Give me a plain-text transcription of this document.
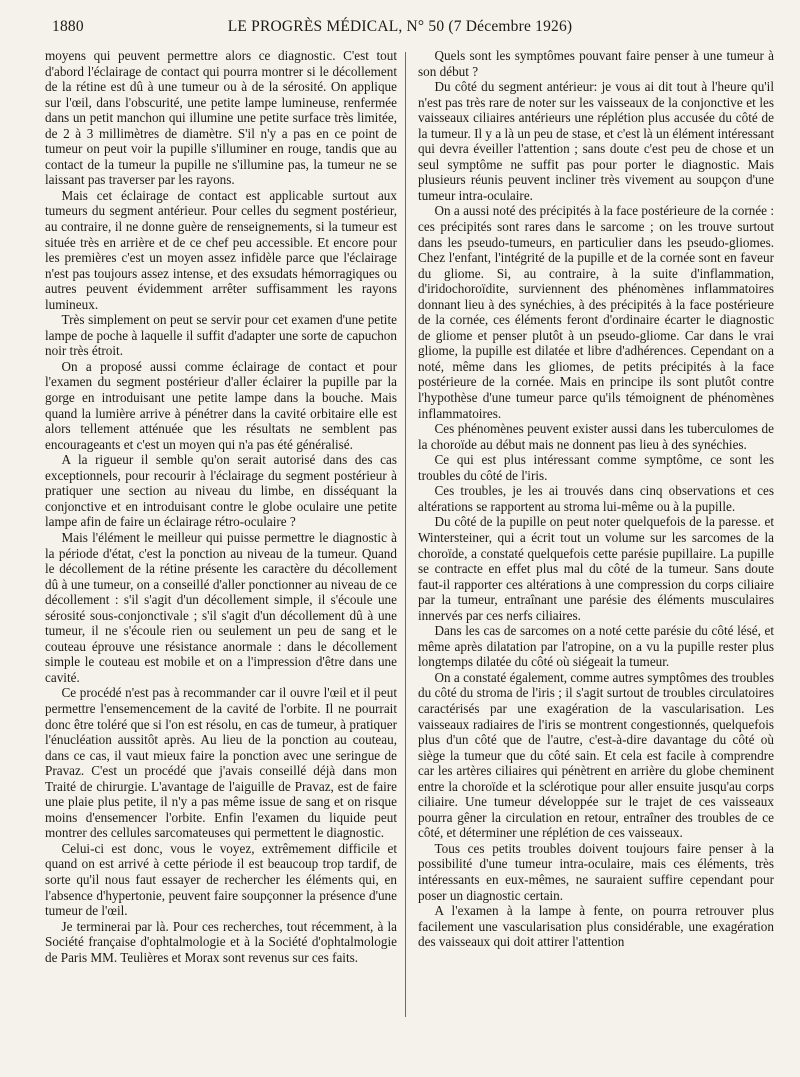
1880	LE PROGRÈS MÉDICAL, N° 50 (7 Décembre 1926)

moyens qui peuvent permettre alors ce diagnostic. C'est tout d'abord l'éclairage de contact qui pourra montrer si le décollement de la rétine est dû à une tumeur ou à de la sérosité. On applique sur l'œil, dans l'obscurité, une petite lampe lumineuse, renfermée dans un petit manchon qui illumine une petite surface très limitée, de 2 à 3 millimètres de diamètre. S'il n'y a pas en ce point de tumeur on peut voir la pupille s'illuminer en rouge, tandis que au contact de la tumeur la pupille ne s'illumine pas, la tumeur ne se laissant pas traverser par les rayons.

Mais cet éclairage de contact est applicable surtout aux tumeurs du segment antérieur. Pour celles du segment postérieur, au contraire, il ne donne guère de renseignements, si la tumeur est située très en arrière et de ce chef peu accessible. Et encore pour les premières c'est un moyen assez infidèle parce que l'éclairage n'est pas toujours assez intense, et des exsudats hémorragiques ou autres peuvent évidemment arrêter suffisamment les rayons lumineux.

Très simplement on peut se servir pour cet examen d'une petite lampe de poche à laquelle il suffit d'adapter une sorte de capuchon noir très étroit.

On a proposé aussi comme éclairage de contact et pour l'examen du segment postérieur d'aller éclairer la pupille par la gorge en introduisant une petite lampe dans la bouche. Mais quand la lumière arrive à pénétrer dans la cavité orbitaire elle est alors tellement atténuée que les résultats ne semblent pas encourageants et c'est un moyen qui n'a pas été généralisé.

A la rigueur il semble qu'on serait autorisé dans des cas exceptionnels, pour recourir à l'éclairage du segment postérieur à pratiquer une section au niveau du limbe, en disséquant la conjonctive et en introduisant contre le globe oculaire une petite lampe afin de faire un éclairage rétro-oculaire ?

Mais l'élément le meilleur qui puisse permettre le diagnostic à la période d'état, c'est la ponction au niveau de la tumeur. Quand le décollement de la rétine présente les caractère du décollement dû à une tumeur, on a conseillé d'aller ponctionner au niveau de ce décollement : s'il s'agit d'un décollement simple, il s'écoule une sérosité sous-conjonctivale ; s'il s'agit d'un décollement dû à une tumeur, il ne s'écoule rien ou seulement un peu de sang et le couteau éprouve une résistance anormale : dans le décollement simple le couteau est mobile et on a l'impression d'être dans une cavité.

Ce procédé n'est pas à recommander car il ouvre l'œil et il peut permettre l'ensemencement de la cavité de l'orbite. Il ne pourrait donc être toléré que si l'on est résolu, en cas de tumeur, à pratiquer l'énucléation aussitôt après. Au lieu de la ponction au couteau, dans ce cas, il vaut mieux faire la ponction avec une seringue de Pravaz. C'est un procédé que j'avais conseillé déjà dans mon Traité de chirurgie. L'avantage de l'aiguille de Pravaz, est de faire une plaie plus petite, il n'y a pas même issue de sang et on risque moins d'ensemencer l'orbite. Enfin l'examen du liquide peut montrer des cellules sarcomateuses qui permettent le diagnostic.

Celui-ci est donc, vous le voyez, extrêmement difficile et quand on est arrivé à cette période il est beaucoup trop tardif, de sorte qu'il nous faut essayer de rechercher les éléments qui, en l'absence d'hypertonie, peuvent faire soupçonner la présence d'une tumeur de l'œil.

Je terminerai par là. Pour ces recherches, tout récemment, à la Société française d'ophtalmologie et à la Société d'ophtalmologie de Paris MM. Teulières et Morax sont revenus sur ces faits.

Quels sont les symptômes pouvant faire penser à une tumeur à son début ?

Du côté du segment antérieur: je vous ai dit tout à l'heure qu'il n'est pas très rare de noter sur les vaisseaux de la conjonctive et les vaisseaux ciliaires antérieurs une réplétion plus accusée du côté de la tumeur. Il y a là un peu de stase, et c'est là un élément intéressant qui devra éveiller l'attention ; sans doute c'est peu de chose et un seul symptôme ne suffit pas pour porter le diagnostic. Mais plusieurs réunis peuvent incliner très vivement au soupçon d'une tumeur intra-oculaire.

On a aussi noté des précipités à la face postérieure de la cornée : ces précipités sont rares dans le sarcome ; on les trouve surtout dans les pseudo-tumeurs, en particulier dans les pseudo-gliomes. Chez l'enfant, l'intégrité de la pupille et de la cornée sont en faveur du gliome. Si, au contraire, à la suite d'inflammation, d'iridochoroïdite, surviennent des phénomènes inflammatoires donnant lieu à des synéchies, à des précipités à la face postérieure de la cornée, ces éléments feront d'ordinaire écarter le diagnostic de gliome et penser plutôt à un pseudo-gliome. Car dans le vrai gliome, la pupille est dilatée et libre d'adhérences. Cependant on a noté, même dans les gliomes, de petits précipités à la face postérieure de la cornée. Mais en principe ils sont plutôt contre l'hypothèse d'une tumeur parce qu'ils témoignent de phénomènes inflammatoires.

Ces phénomènes peuvent exister aussi dans les tuberculomes de la choroïde au début mais ne donnent pas lieu à des synéchies.

Ce qui est plus intéressant comme symptôme, ce sont les troubles du côté de l'iris.

Ces troubles, je les ai trouvés dans cinq observations et ces altérations se rapportent au stroma lui-même ou à la pupille.

Du côté de la pupille on peut noter quelquefois de la paresse. et Wintersteiner, qui a écrit tout un volume sur les sarcomes de la choroïde, a constaté quelquefois cette parésie pupillaire. La pupille se contracte en effet plus mal du côté de la tumeur. Sans doute faut-il rapporter ces altérations à une compression du corps ciliaire par la tumeur, entraînant une parésie des éléments musculaires innervés par ces nerfs ciliaires.

Dans les cas de sarcomes on a noté cette parésie du côté lésé, et même après dilatation par l'atropine, on a vu la pupille rester plus longtemps dilatée du côté où siégeait la tumeur.

On a constaté également, comme autres symptômes des troubles du côté du stroma de l'iris ; il s'agit surtout de troubles circulatoires caractérisés par une exagération de la vascularisation. Les vaisseaux radiaires de l'iris se montrent congestionnés, quelquefois plus d'un côté que de l'autre, c'est-à-dire davantage du côté où siège la tumeur que du côté sain. Et cela est facile à comprendre car les artères ciliaires qui pénètrent en arrière du globe cheminent entre la choroïde et la sclérotique pour aller ensuite jusqu'au corps ciliaire. Une tumeur développée sur le trajet de ces vaisseaux pourra gêner la circulation en retour, entraîner des troubles de ce côté, et déterminer une réplétion de ces vaisseaux.

Tous ces petits troubles doivent toujours faire penser à la possibilité d'une tumeur intra-oculaire, mais ces éléments, très intéressants en eux-mêmes, ne sauraient suffire cependant pour poser un diagnostic certain.

A l'examen à la lampe à fente, on pourra retrouver plus facilement une vascularisation plus considérable, une exagération des vaisseaux qui doit attirer l'attention
